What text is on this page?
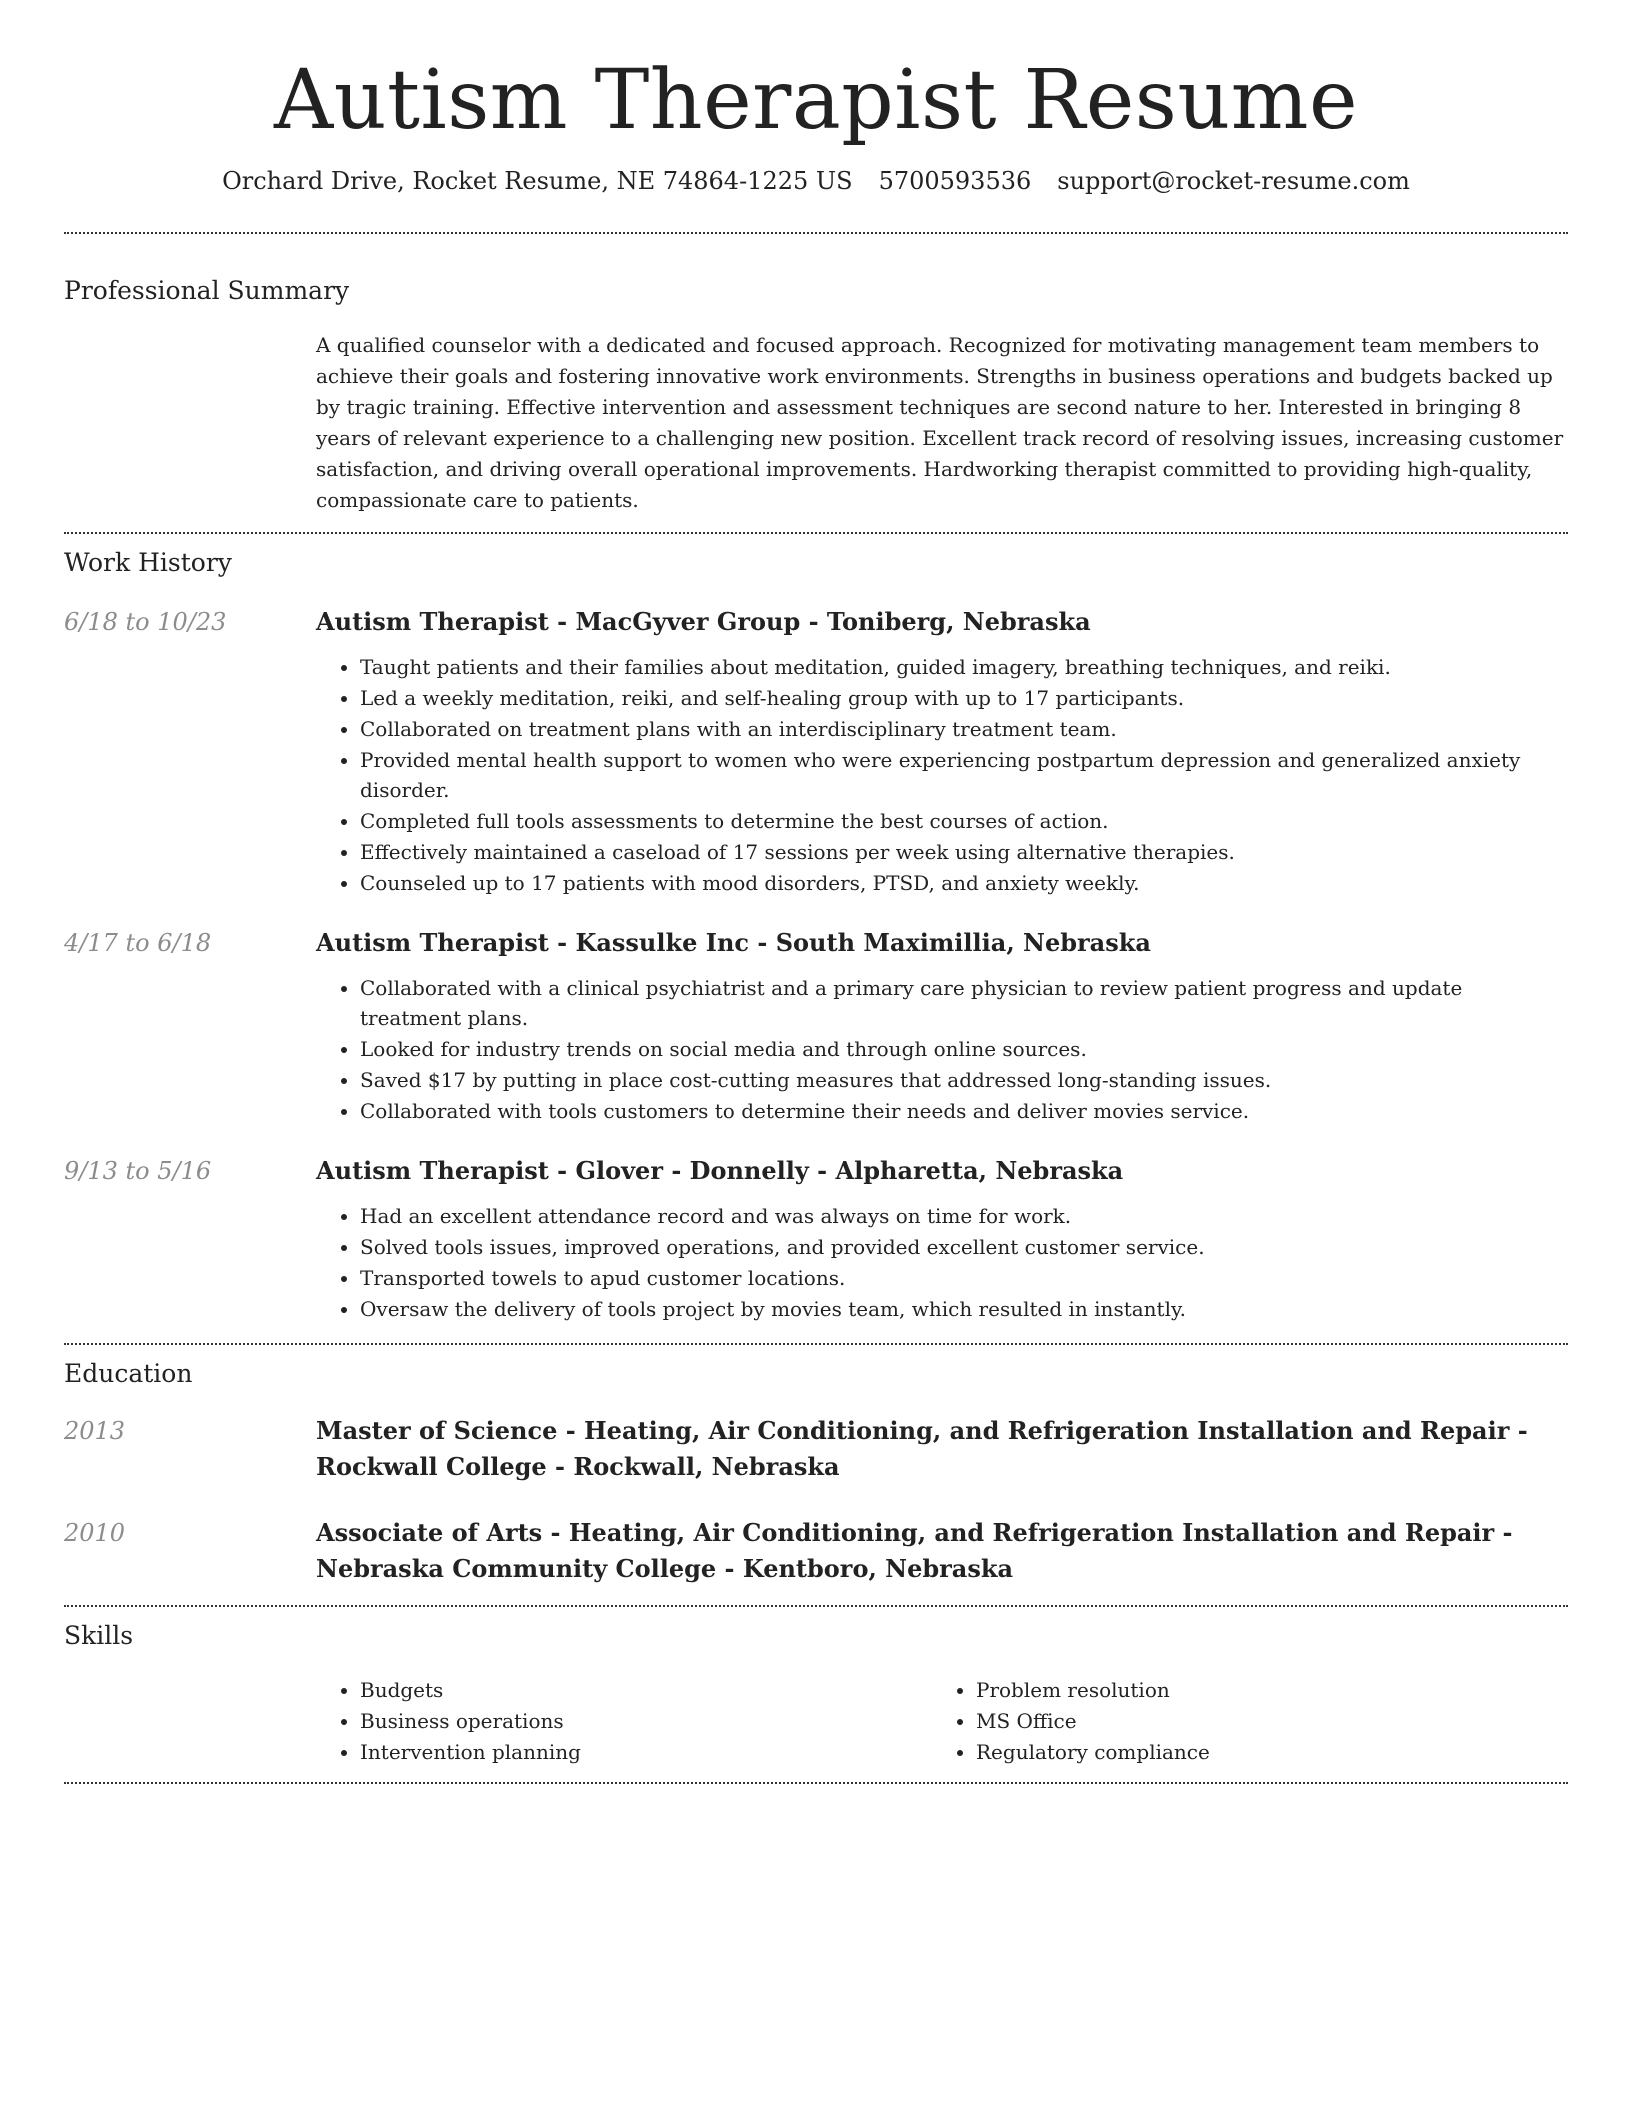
Autism Therapist Resume
Orchard Drive, Rocket Resume, NE 74864-1225 US 5700593536 support@rocket-resume.com
Professional Summary

A qualified counselor with a dedicated and focused approach. Recognized for motivating management team members to achieve their goals and fostering innovative work environments. Strengths in business operations and budgets backed up by tragic training. Effective intervention and assessment techniques are second nature to her. Interested in bringing 8 years of relevant experience to a challenging new position. Excellent track record of resolving issues, increasing customer satisfaction, and driving overall operational improvements. Hardworking therapist committed to providing high-quality, compassionate care to patients.

Work History
6/18 to 10/23	Autism Therapist - MacGyver Group - Toniberg, Nebraska
• Taught patients and their families about meditation, guided imagery, breathing techniques, and reiki.
• Led a weekly meditation, reiki, and self-healing group with up to 17 participants.
• Collaborated on treatment plans with an interdisciplinary treatment team.
• Provided mental health support to women who were experiencing postpartum depression and generalized anxiety disorder.
• Completed full tools assessments to determine the best courses of action.
• Effectively maintained a caseload of 17 sessions per week using alternative therapies.
• Counseled up to 17 patients with mood disorders, PTSD, and anxiety weekly.
4/17 to 6/18	Autism Therapist - Kassulke Inc - South Maximillia, Nebraska
• Collaborated with a clinical psychiatrist and a primary care physician to review patient progress and update treatment plans.
• Looked for industry trends on social media and through online sources.
• Saved $17 by putting in place cost-cutting measures that addressed long-standing issues.
• Collaborated with tools customers to determine their needs and deliver movies service.
9/13 to 5/16	Autism Therapist - Glover - Donnelly - Alpharetta, Nebraska
• Had an excellent attendance record and was always on time for work.
• Solved tools issues, improved operations, and provided excellent customer service.
• Transported towels to apud customer locations.
• Oversaw the delivery of tools project by movies team, which resulted in instantly.
Education
2013	Master of Science - Heating, Air Conditioning, and Refrigeration Installation and Repair - Rockwall College - Rockwall, Nebraska
2010	Associate of Arts - Heating, Air Conditioning, and Refrigeration Installation and Repair - Nebraska Community College - Kentboro, Nebraska
Skills
• Budgets
• Business operations
• Intervention planning
• Problem resolution
• MS Office
• Regulatory compliance
